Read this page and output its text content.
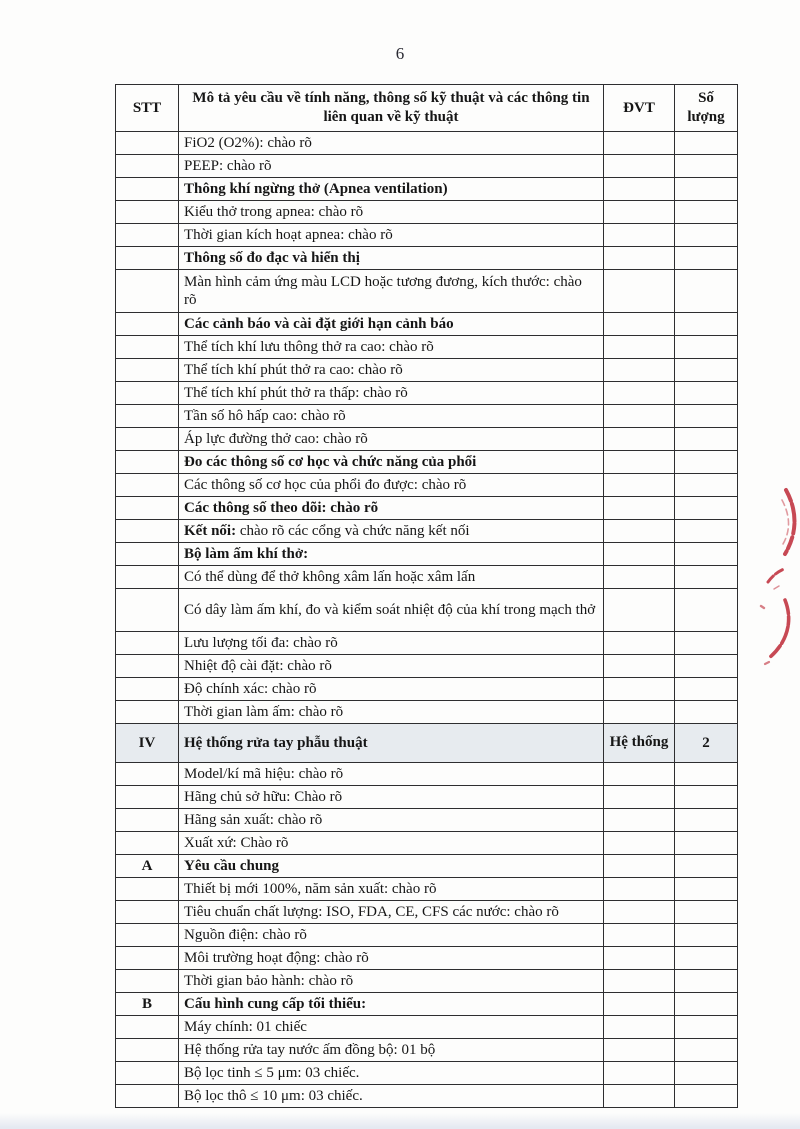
6
STT	Mô tả yêu cầu về tính năng, thông số kỹ thuật và các thông tin liên quan về kỹ thuật	ĐVT	Số lượng
	FiO2 (O2%): chào rõ		
	PEEP: chào rõ		
	Thông khí ngừng thở (Apnea ventilation)		
	Kiểu thở trong apnea: chào rõ		
	Thời gian kích hoạt apnea: chào rõ		
	Thông số đo đạc và hiển thị		
	Màn hình cảm ứng màu LCD hoặc tương đương, kích thước: chào rõ		
	Các cảnh báo và cài đặt giới hạn cảnh báo		
	Thể tích khí lưu thông thở ra cao: chào rõ		
	Thể tích khí phút thở ra cao: chào rõ		
	Thể tích khí phút thở ra thấp: chào rõ		
	Tần số hô hấp cao: chào rõ		
	Áp lực đường thở cao: chào rõ		
	Đo các thông số cơ học và chức năng của phổi		
	Các thông số cơ học của phổi đo được: chào rõ		
	Các thông số theo dõi: chào rõ		
	Kết nối: chào rõ các cổng và chức năng kết nối		
	Bộ làm ấm khí thở:		
	Có thể dùng để thở không xâm lấn hoặc xâm lấn		
	Có dây làm ấm khí, đo và kiểm soát nhiệt độ của khí trong mạch thở		
	Lưu lượng tối đa: chào rõ		
	Nhiệt độ cài đặt: chào rõ		
	Độ chính xác: chào rõ		
	Thời gian làm ấm: chào rõ		
IV	Hệ thống rửa tay phẫu thuật	Hệ thống	2
	Model/kí mã hiệu: chào rõ		
	Hãng chủ sở hữu: Chào rõ		
	Hãng sản xuất: chào rõ		
	Xuất xứ: Chào rõ		
A	Yêu cầu chung		
	Thiết bị mới 100%, năm sản xuất: chào rõ		
	Tiêu chuẩn chất lượng: ISO, FDA, CE, CFS các nước: chào rõ		
	Nguồn điện: chào rõ		
	Môi trường hoạt động: chào rõ		
	Thời gian bảo hành: chào rõ		
B	Cấu hình cung cấp tối thiểu:		
	Máy chính: 01 chiếc		
	Hệ thống rửa tay nước ấm đồng bộ: 01 bộ		
	Bộ lọc tinh ≤ 5 μm: 03 chiếc.		
	Bộ lọc thô ≤ 10 μm: 03 chiếc.		
